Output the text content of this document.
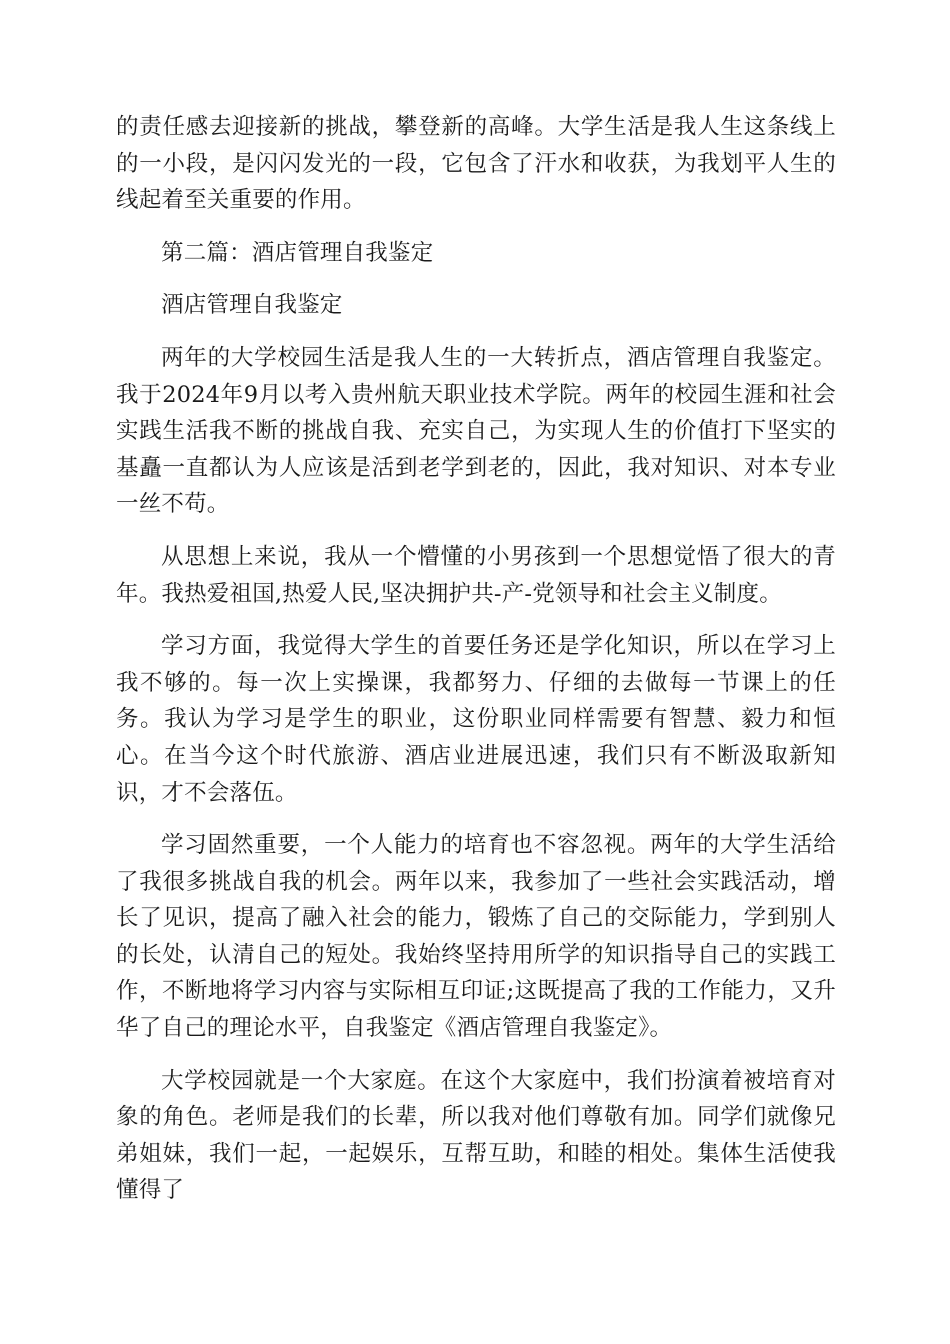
的责任感去迎接新的挑战，攀登新的高峰。大学生活是我人生这条线上的一小段，是闪闪发光的一段，它包含了汗水和收获，为我划平人生的线起着至关重要的作用。

第二篇：酒店管理自我鉴定

酒店管理自我鉴定

两年的大学校园生活是我人生的一大转折点，酒店管理自我鉴定。我于2024年9月以考入贵州航天职业技术学院。两年的校园生涯和社会实践生活我不断的挑战自我、充实自己，为实现人生的价值打下坚实的基矗一直都认为人应该是活到老学到老的，因此，我对知识、对本专业一丝不苟。

从思想上来说，我从一个懵懂的小男孩到一个思想觉悟了很大的青年。我热爱祖国,热爱人民,坚决拥护共-产-党领导和社会主义制度。

学习方面，我觉得大学生的首要任务还是学化知识，所以在学习上我不够的。每一次上实操课，我都努力、仔细的去做每一节课上的任务。我认为学习是学生的职业，这份职业同样需要有智慧、毅力和恒心。在当今这个时代旅游、酒店业进展迅速，我们只有不断汲取新知识，才不会落伍。

学习固然重要，一个人能力的培育也不容忽视。两年的大学生活给了我很多挑战自我的机会。两年以来，我参加了一些社会实践活动，增长了见识，提高了融入社会的能力，锻炼了自己的交际能力，学到别人的长处，认清自己的短处。我始终坚持用所学的知识指导自己的实践工作，不断地将学习内容与实际相互印证;这既提高了我的工作能力，又升华了自己的理论水平，自我鉴定《酒店管理自我鉴定》。

大学校园就是一个大家庭。在这个大家庭中，我们扮演着被培育对象的角色。老师是我们的长辈，所以我对他们尊敬有加。同学们就像兄弟姐妹，我们一起，一起娱乐，互帮互助，和睦的相处。集体生活使我懂得了
